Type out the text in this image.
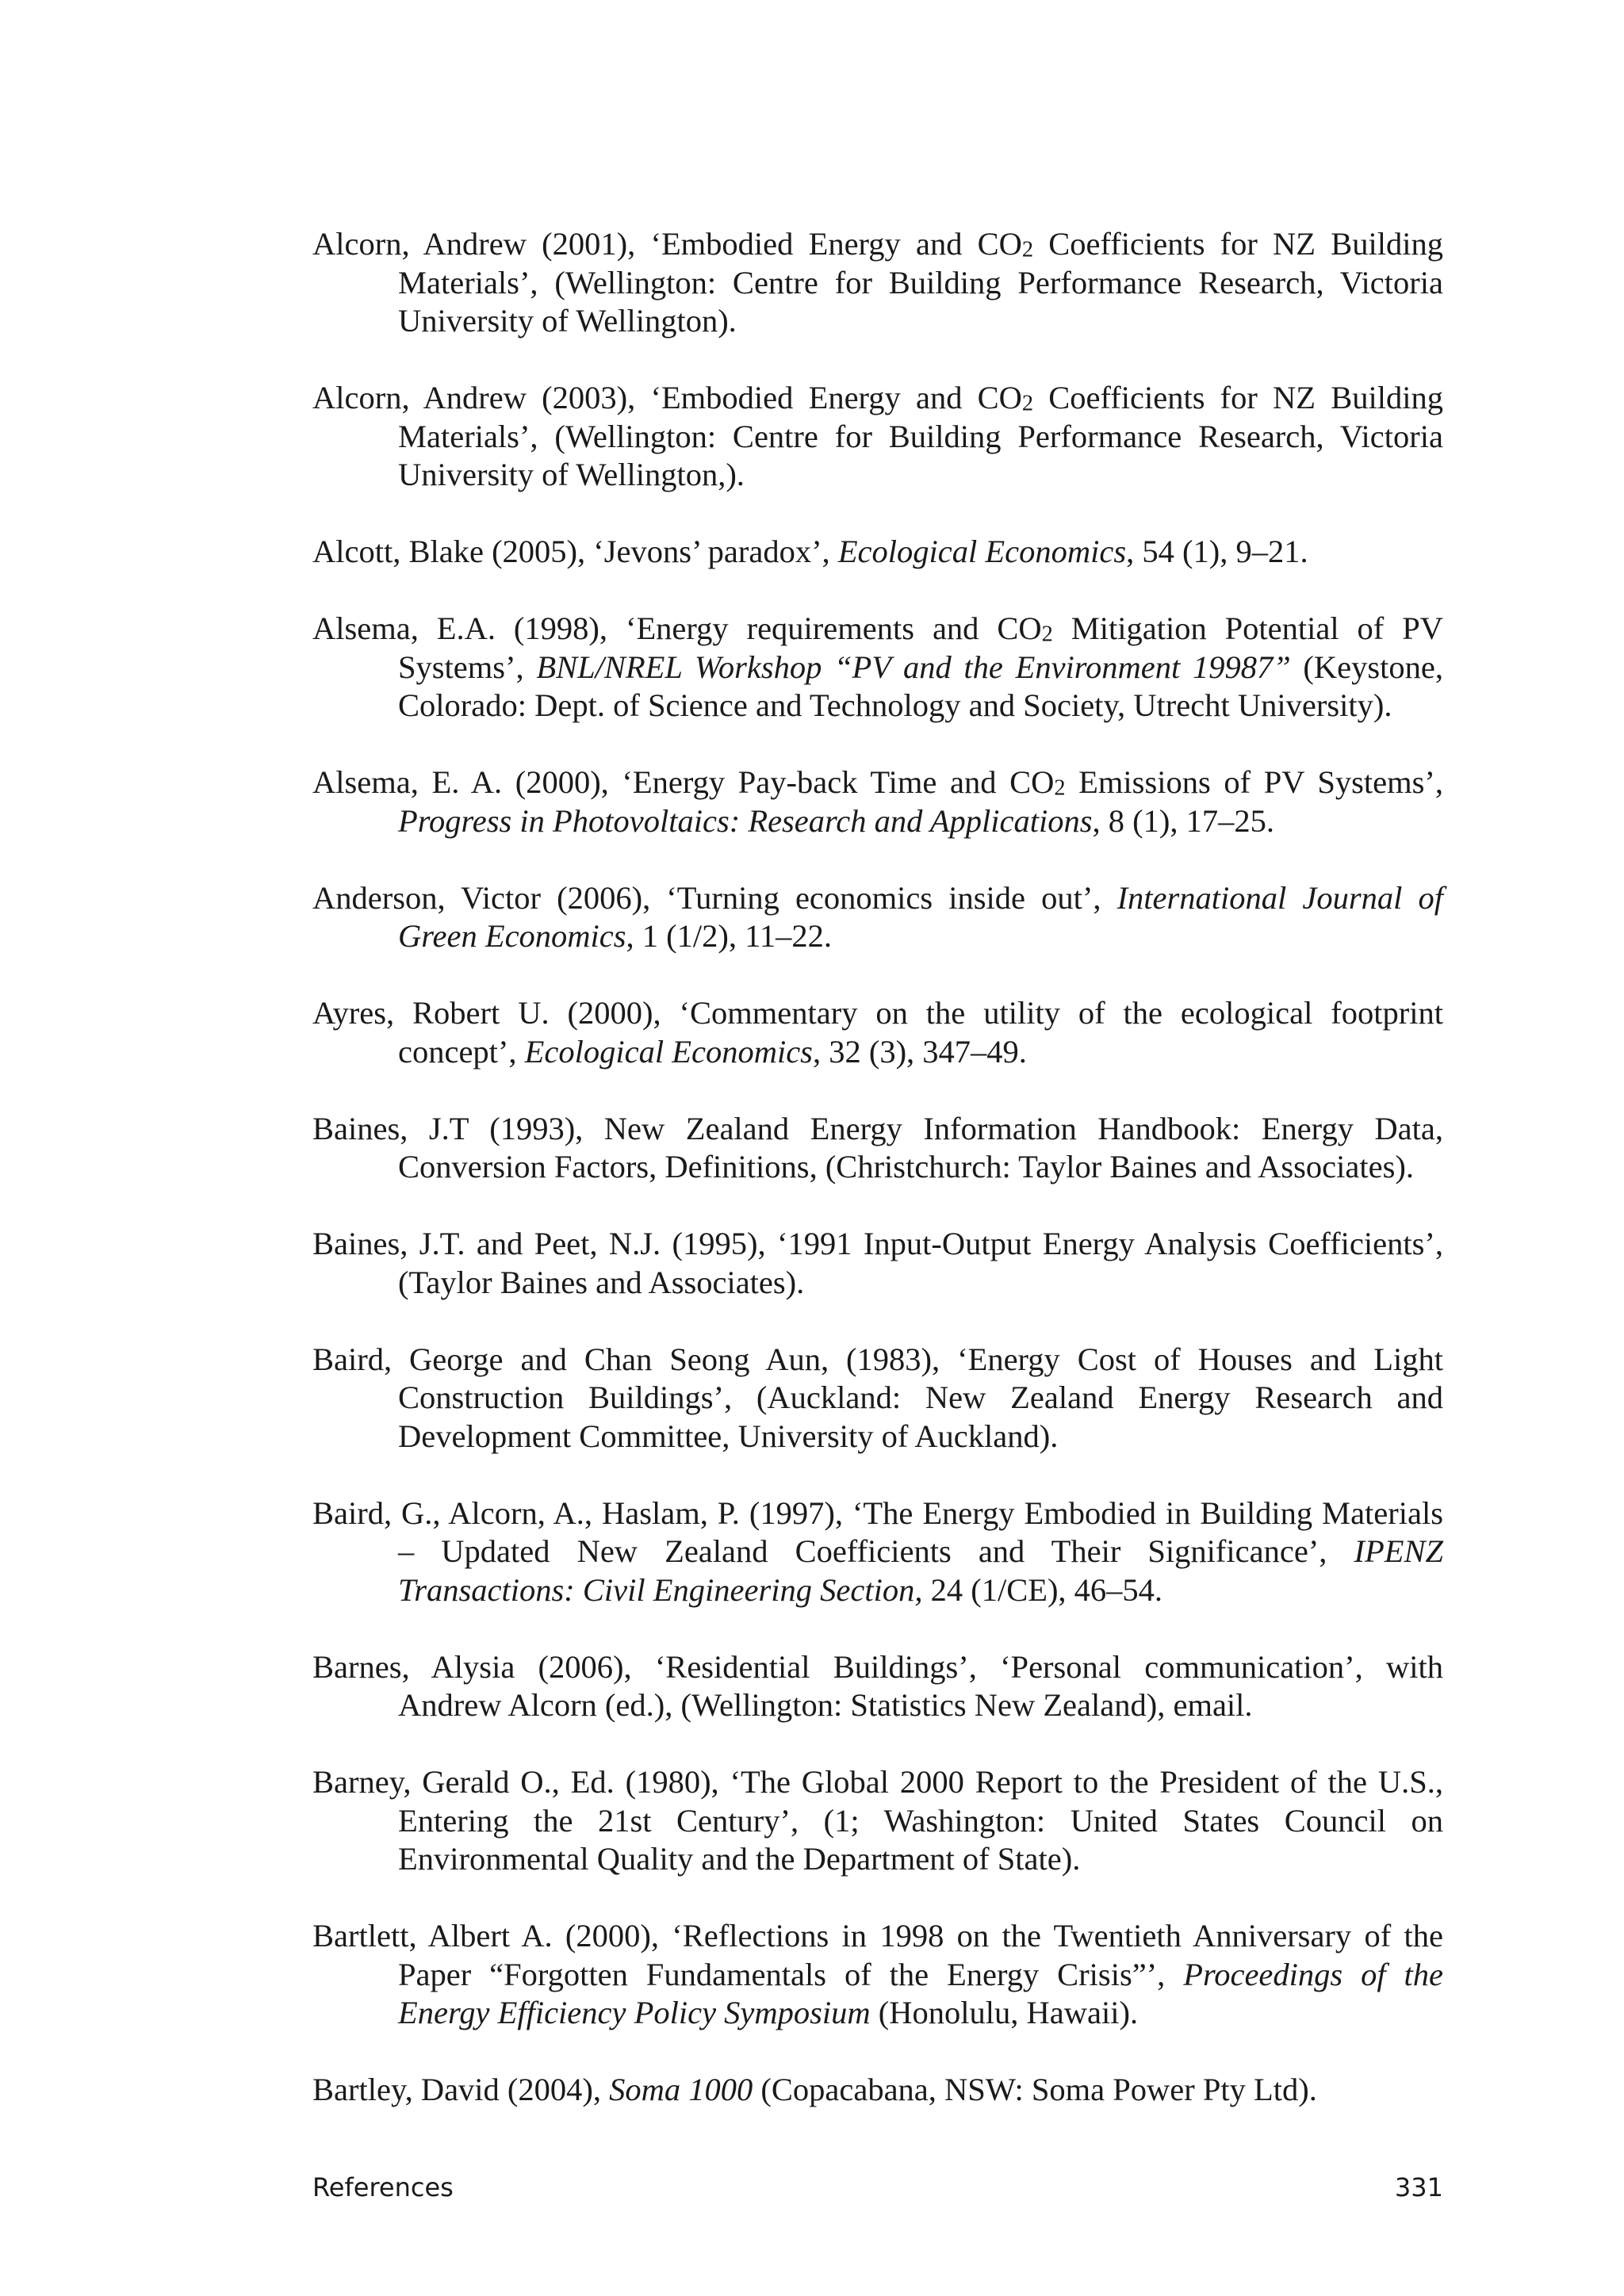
Alcorn, Andrew (2001), ‘Embodied Energy and CO2 Coefficients for NZ Building Materials’, (Wellington: Centre for Building Performance Research, Victoria University of Wellington).

Alcorn, Andrew (2003), ‘Embodied Energy and CO2 Coefficients for NZ Building Materials’, (Wellington: Centre for Building Performance Research, Victoria University of Wellington,).

Alcott, Blake (2005), ‘Jevons’ paradox’, Ecological Economics, 54 (1), 9–21.

Alsema, E.A. (1998), ‘Energy requirements and CO2 Mitigation Potential of PV Systems’, BNL/NREL Workshop “PV and the Environment 19987” (Keystone, Colorado: Dept. of Science and Technology and Society, Utrecht University).

Alsema, E. A. (2000), ‘Energy Pay-back Time and CO2 Emissions of PV Systems’, Progress in Photovoltaics: Research and Applications, 8 (1), 17–25.

Anderson, Victor (2006), ‘Turning economics inside out’, International Journal of Green Economics, 1 (1/2), 11–22.

Ayres, Robert U. (2000), ‘Commentary on the utility of the ecological footprint concept’, Ecological Economics, 32 (3), 347–49.

Baines, J.T (1993), New Zealand Energy Information Handbook: Energy Data, Conversion Factors, Definitions, (Christchurch: Taylor Baines and Associates).

Baines, J.T. and Peet, N.J. (1995), ‘1991 Input-Output Energy Analysis Coefficients’, (Taylor Baines and Associates).

Baird, George and Chan Seong Aun, (1983), ‘Energy Cost of Houses and Light Construction Buildings’, (Auckland: New Zealand Energy Research and Development Committee, University of Auckland).

Baird, G., Alcorn, A., Haslam, P. (1997), ‘The Energy Embodied in Building Materials – Updated New Zealand Coefficients and Their Significance’, IPENZ Transactions: Civil Engineering Section, 24 (1/CE), 46–54.

Barnes, Alysia (2006), ‘Residential Buildings’, ‘Personal communication’, with Andrew Alcorn (ed.), (Wellington: Statistics New Zealand), email.

Barney, Gerald O., Ed. (1980), ‘The Global 2000 Report to the President of the U.S., Entering the 21st Century’, (1; Washington: United States Council on Environmental Quality and the Department of State).

Bartlett, Albert A. (2000), ‘Reflections in 1998 on the Twentieth Anniversary of the Paper “Forgotten Fundamentals of the Energy Crisis”’, Proceedings of the Energy Efficiency Policy Symposium (Honolulu, Hawaii).

Bartley, David (2004), Soma 1000 (Copacabana, NSW: Soma Power Pty Ltd).

References	331
